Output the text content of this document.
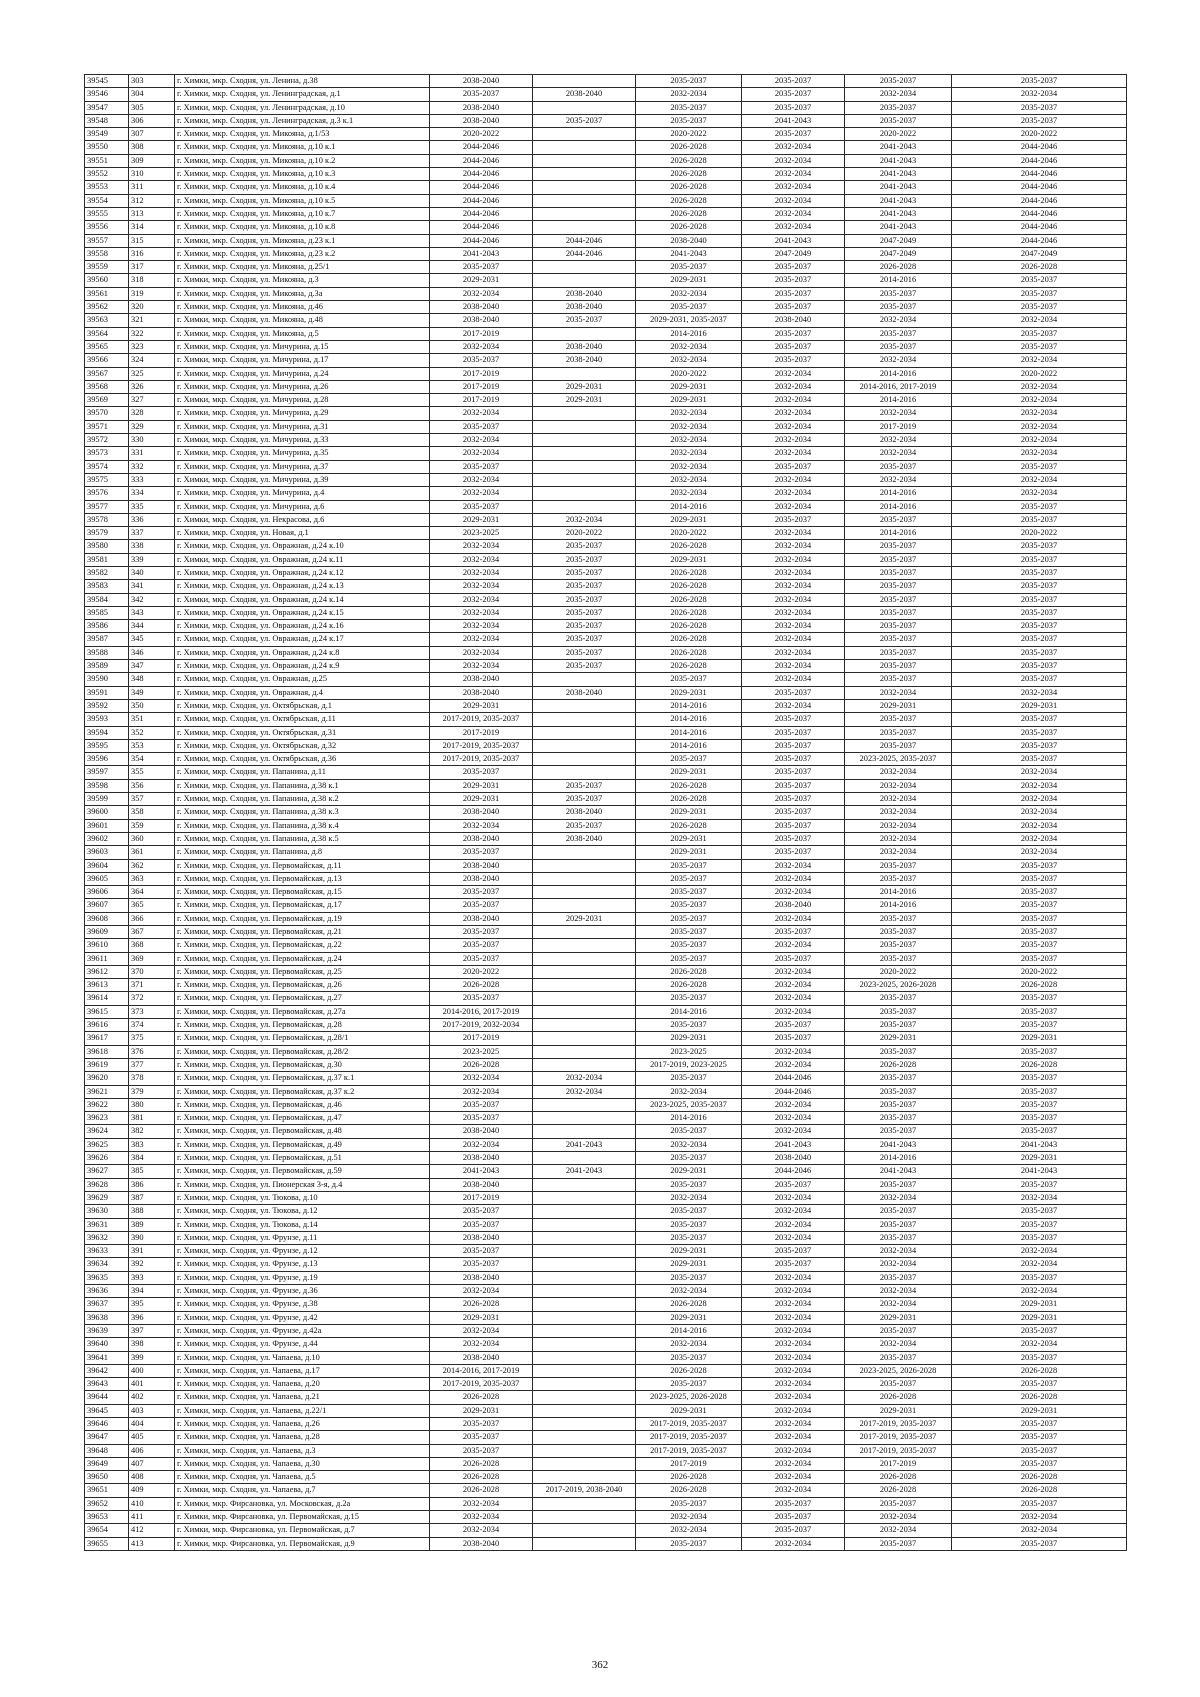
39545	303	г. Химки, мкр. Сходня, ул. Ленина, д.38	2038-2040		2035-2037	2035-2037	2035-2037	2035-2037
39546	304	г. Химки, мкр. Сходня, ул. Ленинградская, д.1	2035-2037	2038-2040	2032-2034	2035-2037	2032-2034	2032-2034
39547	305	г. Химки, мкр. Сходня, ул. Ленинградская, д.10	2038-2040		2035-2037	2035-2037	2035-2037	2035-2037
39548	306	г. Химки, мкр. Сходня, ул. Ленинградская, д.3 к.1	2038-2040	2035-2037	2035-2037	2041-2043	2035-2037	2035-2037
39549	307	г. Химки, мкр. Сходня, ул. Микояна, д.1/53	2020-2022		2020-2022	2035-2037	2020-2022	2020-2022
39550	308	г. Химки, мкр. Сходня, ул. Микояна, д.10 к.1	2044-2046		2026-2028	2032-2034	2041-2043	2044-2046
39551	309	г. Химки, мкр. Сходня, ул. Микояна, д.10 к.2	2044-2046		2026-2028	2032-2034	2041-2043	2044-2046
39552	310	г. Химки, мкр. Сходня, ул. Микояна, д.10 к.3	2044-2046		2026-2028	2032-2034	2041-2043	2044-2046
39553	311	г. Химки, мкр. Сходня, ул. Микояна, д.10 к.4	2044-2046		2026-2028	2032-2034	2041-2043	2044-2046
39554	312	г. Химки, мкр. Сходня, ул. Микояна, д.10 к.5	2044-2046		2026-2028	2032-2034	2041-2043	2044-2046
39555	313	г. Химки, мкр. Сходня, ул. Микояна, д.10 к.7	2044-2046		2026-2028	2032-2034	2041-2043	2044-2046
39556	314	г. Химки, мкр. Сходня, ул. Микояна, д.10 к.8	2044-2046		2026-2028	2032-2034	2041-2043	2044-2046
39557	315	г. Химки, мкр. Сходня, ул. Микояна, д.23 к.1	2044-2046	2044-2046	2038-2040	2041-2043	2047-2049	2044-2046
39558	316	г. Химки, мкр. Сходня, ул. Микояна, д.23 к.2	2041-2043	2044-2046	2041-2043	2047-2049	2047-2049	2047-2049
39559	317	г. Химки, мкр. Сходня, ул. Микояна, д.25/1	2035-2037		2035-2037	2035-2037	2026-2028	2026-2028
39560	318	г. Химки, мкр. Сходня, ул. Микояна, д.3	2029-2031		2029-2031	2035-2037	2014-2016	2035-2037
39561	319	г. Химки, мкр. Сходня, ул. Микояна, д.3а	2032-2034	2038-2040	2032-2034	2035-2037	2035-2037	2035-2037
39562	320	г. Химки, мкр. Сходня, ул. Микояна, д.46	2038-2040	2038-2040	2035-2037	2035-2037	2035-2037	2035-2037
39563	321	г. Химки, мкр. Сходня, ул. Микояна, д.48	2038-2040	2035-2037	2029-2031, 2035-2037	2038-2040	2032-2034	2032-2034
39564	322	г. Химки, мкр. Сходня, ул. Микояна, д.5	2017-2019		2014-2016	2035-2037	2035-2037	2035-2037
39565	323	г. Химки, мкр. Сходня, ул. Мичурина, д.15	2032-2034	2038-2040	2032-2034	2035-2037	2035-2037	2035-2037
39566	324	г. Химки, мкр. Сходня, ул. Мичурина, д.17	2035-2037	2038-2040	2032-2034	2035-2037	2032-2034	2032-2034
39567	325	г. Химки, мкр. Сходня, ул. Мичурина, д.24	2017-2019		2020-2022	2032-2034	2014-2016	2020-2022
39568	326	г. Химки, мкр. Сходня, ул. Мичурина, д.26	2017-2019	2029-2031	2029-2031	2032-2034	2014-2016, 2017-2019	2032-2034
39569	327	г. Химки, мкр. Сходня, ул. Мичурина, д.28	2017-2019	2029-2031	2029-2031	2032-2034	2014-2016	2032-2034
39570	328	г. Химки, мкр. Сходня, ул. Мичурина, д.29	2032-2034		2032-2034	2032-2034	2032-2034	2032-2034
39571	329	г. Химки, мкр. Сходня, ул. Мичурина, д.31	2035-2037		2032-2034	2032-2034	2017-2019	2032-2034
39572	330	г. Химки, мкр. Сходня, ул. Мичурина, д.33	2032-2034		2032-2034	2032-2034	2032-2034	2032-2034
39573	331	г. Химки, мкр. Сходня, ул. Мичурина, д.35	2032-2034		2032-2034	2032-2034	2032-2034	2032-2034
39574	332	г. Химки, мкр. Сходня, ул. Мичурина, д.37	2035-2037		2032-2034	2035-2037	2035-2037	2035-2037
39575	333	г. Химки, мкр. Сходня, ул. Мичурина, д.39	2032-2034		2032-2034	2032-2034	2032-2034	2032-2034
39576	334	г. Химки, мкр. Сходня, ул. Мичурина, д.4	2032-2034		2032-2034	2032-2034	2014-2016	2032-2034
39577	335	г. Химки, мкр. Сходня, ул. Мичурина, д.6	2035-2037		2014-2016	2032-2034	2014-2016	2035-2037
39578	336	г. Химки, мкр. Сходня, ул. Некрасова, д.6	2029-2031	2032-2034	2029-2031	2035-2037	2035-2037	2035-2037
39579	337	г. Химки, мкр. Сходня, ул. Новая, д.1	2023-2025	2020-2022	2020-2022	2032-2034	2014-2016	2020-2022
39580	338	г. Химки, мкр. Сходня, ул. Овражная, д.24 к.10	2032-2034	2035-2037	2026-2028	2032-2034	2035-2037	2035-2037
39581	339	г. Химки, мкр. Сходня, ул. Овражная, д.24 к.11	2032-2034	2035-2037	2029-2031	2032-2034	2035-2037	2035-2037
39582	340	г. Химки, мкр. Сходня, ул. Овражная, д.24 к.12	2032-2034	2035-2037	2026-2028	2032-2034	2035-2037	2035-2037
39583	341	г. Химки, мкр. Сходня, ул. Овражная, д.24 к.13	2032-2034	2035-2037	2026-2028	2032-2034	2035-2037	2035-2037
39584	342	г. Химки, мкр. Сходня, ул. Овражная, д.24 к.14	2032-2034	2035-2037	2026-2028	2032-2034	2035-2037	2035-2037
39585	343	г. Химки, мкр. Сходня, ул. Овражная, д.24 к.15	2032-2034	2035-2037	2026-2028	2032-2034	2035-2037	2035-2037
39586	344	г. Химки, мкр. Сходня, ул. Овражная, д.24 к.16	2032-2034	2035-2037	2026-2028	2032-2034	2035-2037	2035-2037
39587	345	г. Химки, мкр. Сходня, ул. Овражная, д.24 к.17	2032-2034	2035-2037	2026-2028	2032-2034	2035-2037	2035-2037
39588	346	г. Химки, мкр. Сходня, ул. Овражная, д.24 к.8	2032-2034	2035-2037	2026-2028	2032-2034	2035-2037	2035-2037
39589	347	г. Химки, мкр. Сходня, ул. Овражная, д.24 к.9	2032-2034	2035-2037	2026-2028	2032-2034	2035-2037	2035-2037
39590	348	г. Химки, мкр. Сходня, ул. Овражная, д.25	2038-2040		2035-2037	2032-2034	2035-2037	2035-2037
39591	349	г. Химки, мкр. Сходня, ул. Овражная, д.4	2038-2040	2038-2040	2029-2031	2035-2037	2032-2034	2032-2034
39592	350	г. Химки, мкр. Сходня, ул. Октябрьская, д.1	2029-2031		2014-2016	2032-2034	2029-2031	2029-2031
39593	351	г. Химки, мкр. Сходня, ул. Октябрьская, д.11	2017-2019, 2035-2037		2014-2016	2035-2037	2035-2037	2035-2037
39594	352	г. Химки, мкр. Сходня, ул. Октябрьская, д.31	2017-2019		2014-2016	2035-2037	2035-2037	2035-2037
39595	353	г. Химки, мкр. Сходня, ул. Октябрьская, д.32	2017-2019, 2035-2037		2014-2016	2035-2037	2035-2037	2035-2037
39596	354	г. Химки, мкр. Сходня, ул. Октябрьская, д.36	2017-2019, 2035-2037		2035-2037	2035-2037	2023-2025, 2035-2037	2035-2037
39597	355	г. Химки, мкр. Сходня, ул. Папанина, д.11	2035-2037		2029-2031	2035-2037	2032-2034	2032-2034
39598	356	г. Химки, мкр. Сходня, ул. Папанина, д.38 к.1	2029-2031	2035-2037	2026-2028	2035-2037	2032-2034	2032-2034
39599	357	г. Химки, мкр. Сходня, ул. Папанина, д.38 к.2	2029-2031	2035-2037	2026-2028	2035-2037	2032-2034	2032-2034
39600	358	г. Химки, мкр. Сходня, ул. Папанина, д.38 к.3	2038-2040	2038-2040	2029-2031	2035-2037	2032-2034	2032-2034
39601	359	г. Химки, мкр. Сходня, ул. Папанина, д.38 к.4	2032-2034	2035-2037	2026-2028	2035-2037	2032-2034	2032-2034
39602	360	г. Химки, мкр. Сходня, ул. Папанина, д.38 к.5	2038-2040	2038-2040	2029-2031	2035-2037	2032-2034	2032-2034
39603	361	г. Химки, мкр. Сходня, ул. Папанина, д.8	2035-2037		2029-2031	2035-2037	2032-2034	2032-2034
39604	362	г. Химки, мкр. Сходня, ул. Первомайская, д.11	2038-2040		2035-2037	2032-2034	2035-2037	2035-2037
39605	363	г. Химки, мкр. Сходня, ул. Первомайская, д.13	2038-2040		2035-2037	2032-2034	2035-2037	2035-2037
39606	364	г. Химки, мкр. Сходня, ул. Первомайская, д.15	2035-2037		2035-2037	2032-2034	2014-2016	2035-2037
39607	365	г. Химки, мкр. Сходня, ул. Первомайская, д.17	2035-2037		2035-2037	2038-2040	2014-2016	2035-2037
39608	366	г. Химки, мкр. Сходня, ул. Первомайская, д.19	2038-2040	2029-2031	2035-2037	2032-2034	2035-2037	2035-2037
39609	367	г. Химки, мкр. Сходня, ул. Первомайская, д.21	2035-2037		2035-2037	2035-2037	2035-2037	2035-2037
39610	368	г. Химки, мкр. Сходня, ул. Первомайская, д.22	2035-2037		2035-2037	2032-2034	2035-2037	2035-2037
39611	369	г. Химки, мкр. Сходня, ул. Первомайская, д.24	2035-2037		2035-2037	2035-2037	2035-2037	2035-2037
39612	370	г. Химки, мкр. Сходня, ул. Первомайская, д.25	2020-2022		2026-2028	2032-2034	2020-2022	2020-2022
39613	371	г. Химки, мкр. Сходня, ул. Первомайская, д.26	2026-2028		2026-2028	2032-2034	2023-2025, 2026-2028	2026-2028
39614	372	г. Химки, мкр. Сходня, ул. Первомайская, д.27	2035-2037		2035-2037	2032-2034	2035-2037	2035-2037
39615	373	г. Химки, мкр. Сходня, ул. Первомайская, д.27а	2014-2016, 2017-2019		2014-2016	2032-2034	2035-2037	2035-2037
39616	374	г. Химки, мкр. Сходня, ул. Первомайская, д.28	2017-2019, 2032-2034		2035-2037	2035-2037	2035-2037	2035-2037
39617	375	г. Химки, мкр. Сходня, ул. Первомайская, д.28/1	2017-2019		2029-2031	2035-2037	2029-2031	2029-2031
39618	376	г. Химки, мкр. Сходня, ул. Первомайская, д.28/2	2023-2025		2023-2025	2032-2034	2035-2037	2035-2037
39619	377	г. Химки, мкр. Сходня, ул. Первомайская, д.30	2026-2028		2017-2019, 2023-2025	2032-2034	2026-2028	2026-2028
39620	378	г. Химки, мкр. Сходня, ул. Первомайская, д.37 к.1	2032-2034	2032-2034	2035-2037	2044-2046	2035-2037	2035-2037
39621	379	г. Химки, мкр. Сходня, ул. Первомайская, д.37 к.2	2032-2034	2032-2034	2032-2034	2044-2046	2035-2037	2035-2037
39622	380	г. Химки, мкр. Сходня, ул. Первомайская, д.46	2035-2037		2023-2025, 2035-2037	2032-2034	2035-2037	2035-2037
39623	381	г. Химки, мкр. Сходня, ул. Первомайская, д.47	2035-2037		2014-2016	2032-2034	2035-2037	2035-2037
39624	382	г. Химки, мкр. Сходня, ул. Первомайская, д.48	2038-2040		2035-2037	2032-2034	2035-2037	2035-2037
39625	383	г. Химки, мкр. Сходня, ул. Первомайская, д.49	2032-2034	2041-2043	2032-2034	2041-2043	2041-2043	2041-2043
39626	384	г. Химки, мкр. Сходня, ул. Первомайская, д.51	2038-2040		2035-2037	2038-2040	2014-2016	2029-2031
39627	385	г. Химки, мкр. Сходня, ул. Первомайская, д.59	2041-2043	2041-2043	2029-2031	2044-2046	2041-2043	2041-2043
39628	386	г. Химки, мкр. Сходня, ул. Пионерская 3-я, д.4	2038-2040		2035-2037	2035-2037	2035-2037	2035-2037
39629	387	г. Химки, мкр. Сходня, ул. Тюкова, д.10	2017-2019		2032-2034	2032-2034	2032-2034	2032-2034
39630	388	г. Химки, мкр. Сходня, ул. Тюкова, д.12	2035-2037		2035-2037	2032-2034	2035-2037	2035-2037
39631	389	г. Химки, мкр. Сходня, ул. Тюкова, д.14	2035-2037		2035-2037	2032-2034	2035-2037	2035-2037
39632	390	г. Химки, мкр. Сходня, ул. Фрунзе, д.11	2038-2040		2035-2037	2032-2034	2035-2037	2035-2037
39633	391	г. Химки, мкр. Сходня, ул. Фрунзе, д.12	2035-2037		2029-2031	2035-2037	2032-2034	2032-2034
39634	392	г. Химки, мкр. Сходня, ул. Фрунзе, д.13	2035-2037		2029-2031	2035-2037	2032-2034	2032-2034
39635	393	г. Химки, мкр. Сходня, ул. Фрунзе, д.19	2038-2040		2035-2037	2032-2034	2035-2037	2035-2037
39636	394	г. Химки, мкр. Сходня, ул. Фрунзе, д.36	2032-2034		2032-2034	2032-2034	2032-2034	2032-2034
39637	395	г. Химки, мкр. Сходня, ул. Фрунзе, д.38	2026-2028		2026-2028	2032-2034	2032-2034	2029-2031
39638	396	г. Химки, мкр. Сходня, ул. Фрунзе, д.42	2029-2031		2029-2031	2032-2034	2029-2031	2029-2031
39639	397	г. Химки, мкр. Сходня, ул. Фрунзе, д.42а	2032-2034		2014-2016	2032-2034	2035-2037	2035-2037
39640	398	г. Химки, мкр. Сходня, ул. Фрунзе, д.44	2032-2034		2032-2034	2032-2034	2032-2034	2032-2034
39641	399	г. Химки, мкр. Сходня, ул. Чапаева, д.10	2038-2040		2035-2037	2032-2034	2035-2037	2035-2037
39642	400	г. Химки, мкр. Сходня, ул. Чапаева, д.17	2014-2016, 2017-2019		2026-2028	2032-2034	2023-2025, 2026-2028	2026-2028
39643	401	г. Химки, мкр. Сходня, ул. Чапаева, д.20	2017-2019, 2035-2037		2035-2037	2032-2034	2035-2037	2035-2037
39644	402	г. Химки, мкр. Сходня, ул. Чапаева, д.21	2026-2028		2023-2025, 2026-2028	2032-2034	2026-2028	2026-2028
39645	403	г. Химки, мкр. Сходня, ул. Чапаева, д.22/1	2029-2031		2029-2031	2032-2034	2029-2031	2029-2031
39646	404	г. Химки, мкр. Сходня, ул. Чапаева, д.26	2035-2037		2017-2019, 2035-2037	2032-2034	2017-2019, 2035-2037	2035-2037
39647	405	г. Химки, мкр. Сходня, ул. Чапаева, д.28	2035-2037		2017-2019, 2035-2037	2032-2034	2017-2019, 2035-2037	2035-2037
39648	406	г. Химки, мкр. Сходня, ул. Чапаева, д.3	2035-2037		2017-2019, 2035-2037	2032-2034	2017-2019, 2035-2037	2035-2037
39649	407	г. Химки, мкр. Сходня, ул. Чапаева, д.30	2026-2028		2017-2019	2032-2034	2017-2019	2035-2037
39650	408	г. Химки, мкр. Сходня, ул. Чапаева, д.5	2026-2028		2026-2028	2032-2034	2026-2028	2026-2028
39651	409	г. Химки, мкр. Сходня, ул. Чапаева, д.7	2026-2028	2017-2019, 2038-2040	2026-2028	2032-2034	2026-2028	2026-2028
39652	410	г. Химки, мкр. Фирсановка, ул. Московская, д.2а	2032-2034		2035-2037	2035-2037	2035-2037	2035-2037
39653	411	г. Химки, мкр. Фирсановка, ул. Первомайская, д.15	2032-2034		2032-2034	2035-2037	2032-2034	2032-2034
39654	412	г. Химки, мкр. Фирсановка, ул. Первомайская, д.7	2032-2034		2032-2034	2035-2037	2032-2034	2032-2034
39655	413	г. Химки, мкр. Фирсановка, ул. Первомайская, д.9	2038-2040		2035-2037	2032-2034	2035-2037	2035-2037
362
